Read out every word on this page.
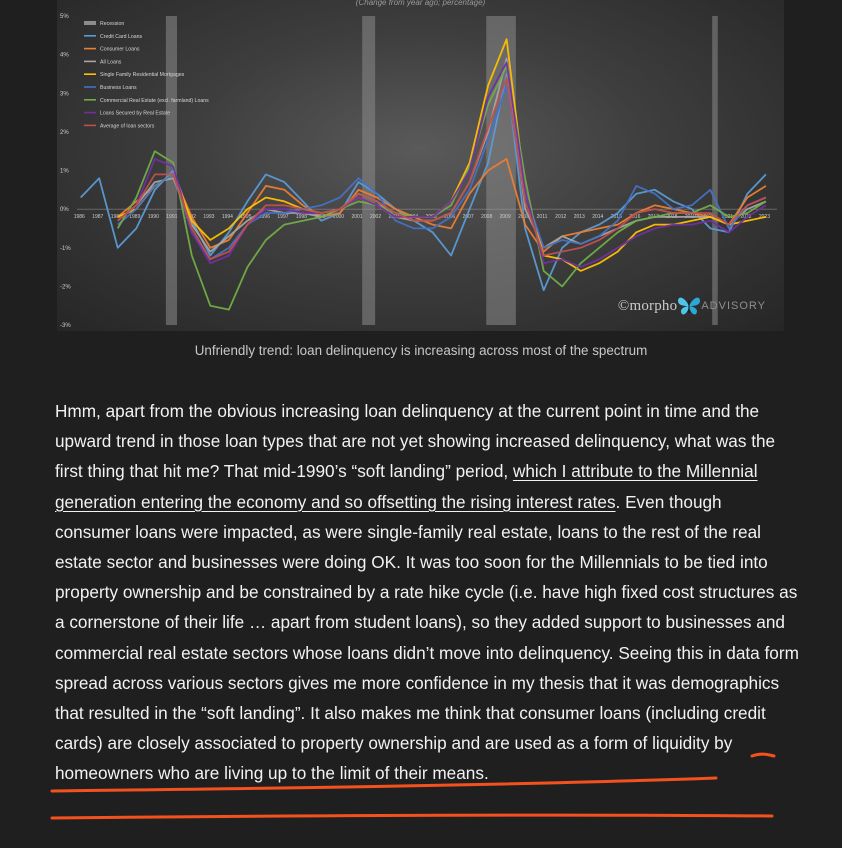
(Change from year ago; percentage)
5%
4%
3%
2%
1%
0%
-1%
-2%
-3%
1986 1987 1988 1989 1990 1991 1992 1993 1994 1995 1996 1997 1998 1999 2000 2001 2002 2003 2004 2005 2006 2007 2008 2009 2010 2011 2012 2013 2014 2015 2016 2017 2018 2019 2020 2021 2022 2023
Recession
Credit Card Loans
Consumer Loans
All Loans
Single Family Residential Mortgages
Business Loans
Commercial Real Estate (excl. farmland) Loans
Loans Secured by Real Estate
Average of loan sectors
©morpho ADVISORY
Unfriendly trend: loan delinquency is increasing across most of the spectrum

Hmm, apart from the obvious increasing loan delinquency at the current point in time and the upward trend in those loan types that are not yet showing increased delinquency, what was the first thing that hit me? That mid-1990’s “soft landing” period, which I attribute to the Millennial generation entering the economy and so offsetting the rising interest rates. Even though consumer loans were impacted, as were single-family real estate, loans to the rest of the real estate sector and businesses were doing OK. It was too soon for the Millennials to be tied into property ownership and be constrained by a rate hike cycle (i.e. have high fixed cost structures as a cornerstone of their life … apart from student loans), so they added support to businesses and commercial real estate sectors whose loans didn’t move into delinquency. Seeing this in data form spread across various sectors gives me more confidence in my thesis that it was demographics that resulted in the “soft landing”. It also makes me think that consumer loans (including credit cards) are closely associated to property ownership and are used as a form of liquidity by homeowners who are living up to the limit of their means.
